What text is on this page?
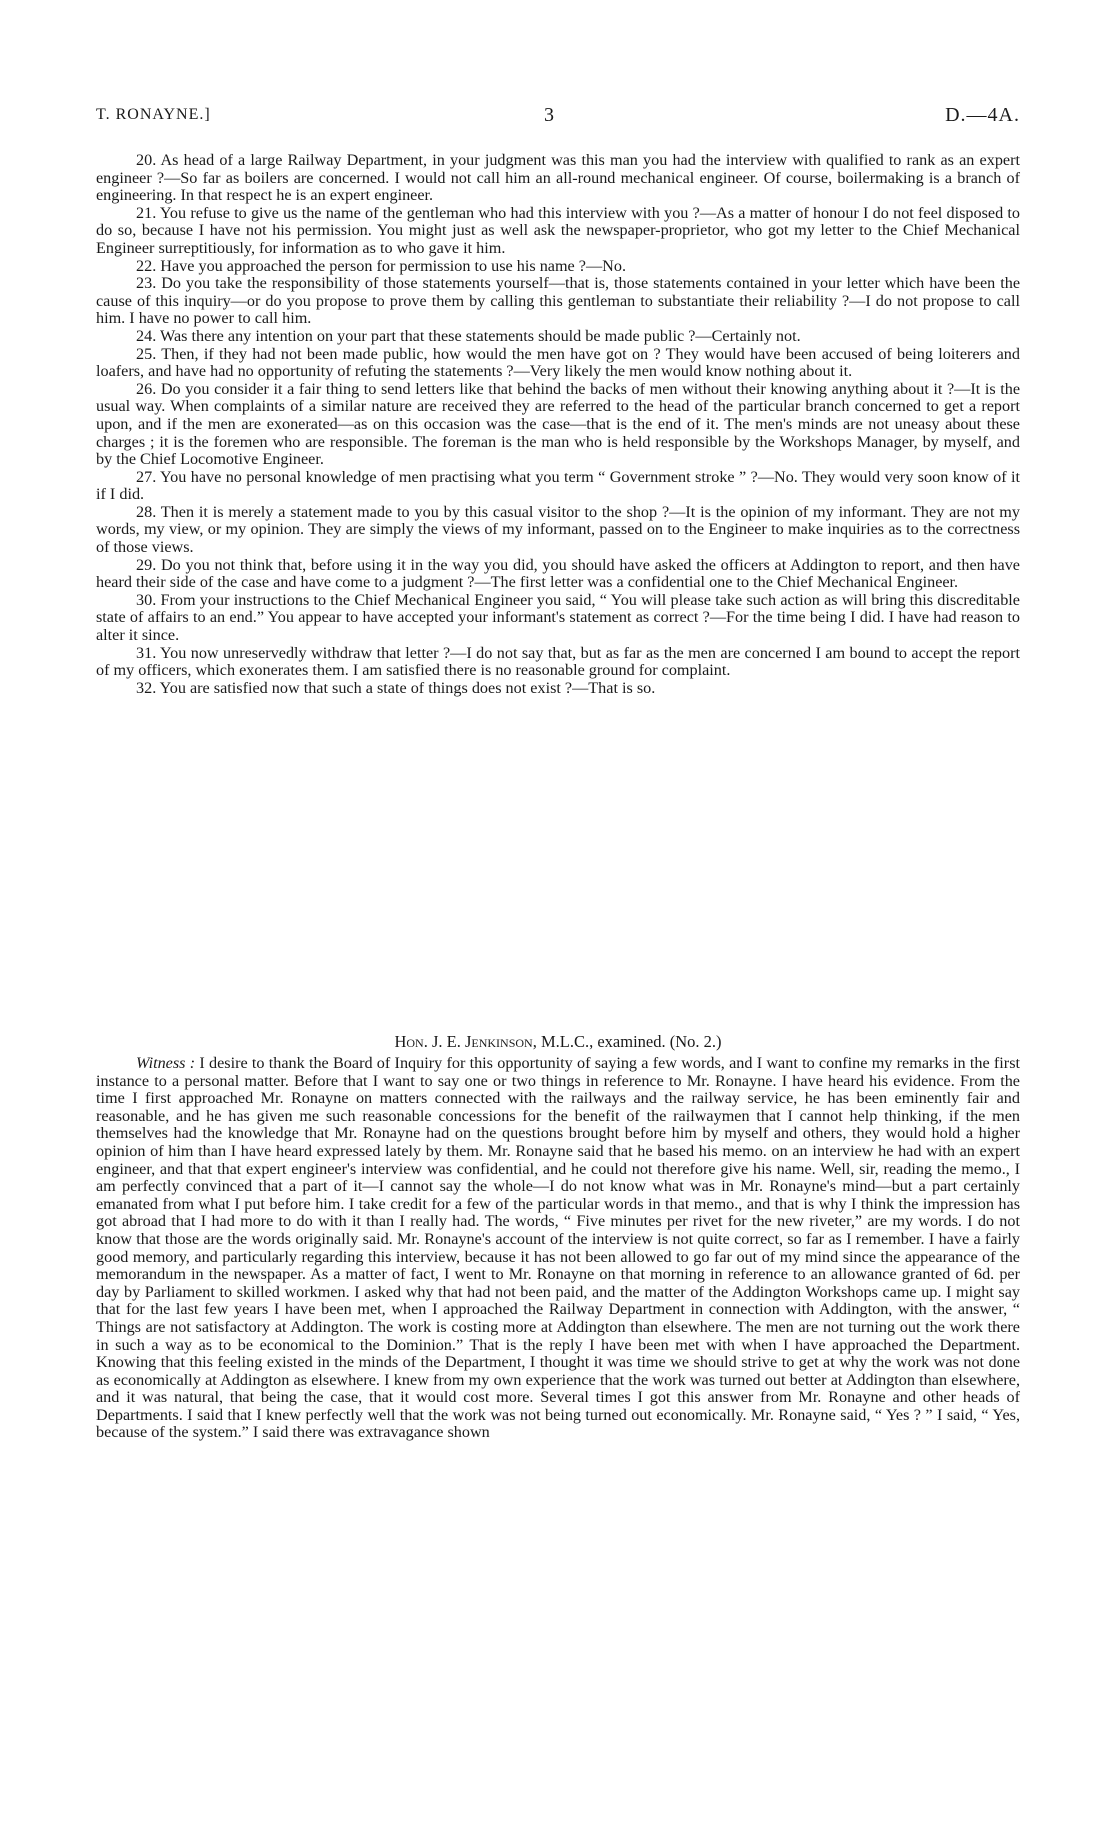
T. RONAYNE.]	3	D.—4A.

20. As head of a large Railway Department, in your judgment was this man you had the interview with qualified to rank as an expert engineer ?—So far as boilers are concerned. I would not call him an all-round mechanical engineer. Of course, boilermaking is a branch of engineering. In that respect he is an expert engineer.

21. You refuse to give us the name of the gentleman who had this interview with you ?—As a matter of honour I do not feel disposed to do so, because I have not his permission. You might just as well ask the newspaper-proprietor, who got my letter to the Chief Mechanical Engineer surreptitiously, for information as to who gave it him.

22. Have you approached the person for permission to use his name ?—No.

23. Do you take the responsibility of those statements yourself—that is, those statements contained in your letter which have been the cause of this inquiry—or do you propose to prove them by calling this gentleman to substantiate their reliability ?—I do not propose to call him. I have no power to call him.

24. Was there any intention on your part that these statements should be made public ?—Certainly not.

25. Then, if they had not been made public, how would the men have got on ? They would have been accused of being loiterers and loafers, and have had no opportunity of refuting the statements ?—Very likely the men would know nothing about it.

26. Do you consider it a fair thing to send letters like that behind the backs of men without their knowing anything about it ?—It is the usual way. When complaints of a similar nature are received they are referred to the head of the particular branch concerned to get a report upon, and if the men are exonerated—as on this occasion was the case—that is the end of it. The men's minds are not uneasy about these charges ; it is the foremen who are responsible. The foreman is the man who is held responsible by the Workshops Manager, by myself, and by the Chief Locomotive Engineer.

27. You have no personal knowledge of men practising what you term “ Government stroke ” ?—No. They would very soon know of it if I did.

28. Then it is merely a statement made to you by this casual visitor to the shop ?—It is the opinion of my informant. They are not my words, my view, or my opinion. They are simply the views of my informant, passed on to the Engineer to make inquiries as to the correctness of those views.

29. Do you not think that, before using it in the way you did, you should have asked the officers at Addington to report, and then have heard their side of the case and have come to a judgment ?—The first letter was a confidential one to the Chief Mechanical Engineer.

30. From your instructions to the Chief Mechanical Engineer you said, “ You will please take such action as will bring this discreditable state of affairs to an end.” You appear to have accepted your informant's statement as correct ?—For the time being I did. I have had reason to alter it since.

31. You now unreservedly withdraw that letter ?—I do not say that, but as far as the men are concerned I am bound to accept the report of my officers, which exonerates them. I am satisfied there is no reasonable ground for complaint.

32. You are satisfied now that such a state of things does not exist ?—That is so.

Hon. J. E. Jenkinson, M.L.C., examined. (No. 2.)

Witness : I desire to thank the Board of Inquiry for this opportunity of saying a few words, and I want to confine my remarks in the first instance to a personal matter. Before that I want to say one or two things in reference to Mr. Ronayne. I have heard his evidence. From the time I first approached Mr. Ronayne on matters connected with the railways and the railway service, he has been eminently fair and reasonable, and he has given me such reasonable concessions for the benefit of the railwaymen that I cannot help thinking, if the men themselves had the knowledge that Mr. Ronayne had on the questions brought before him by myself and others, they would hold a higher opinion of him than I have heard expressed lately by them. Mr. Ronayne said that he based his memo. on an interview he had with an expert engineer, and that that expert engineer's interview was confidential, and he could not therefore give his name. Well, sir, reading the memo., I am perfectly convinced that a part of it—I cannot say the whole—I do not know what was in Mr. Ronayne's mind—but a part certainly emanated from what I put before him. I take credit for a few of the particular words in that memo., and that is why I think the impression has got abroad that I had more to do with it than I really had. The words, “ Five minutes per rivet for the new riveter,” are my words. I do not know that those are the words originally said. Mr. Ronayne's account of the interview is not quite correct, so far as I remember. I have a fairly good memory, and particularly regarding this interview, because it has not been allowed to go far out of my mind since the appearance of the memorandum in the newspaper. As a matter of fact, I went to Mr. Ronayne on that morning in reference to an allowance granted of 6d. per day by Parliament to skilled workmen. I asked why that had not been paid, and the matter of the Addington Workshops came up. I might say that for the last few years I have been met, when I approached the Railway Department in connection with Addington, with the answer, “ Things are not satisfactory at Addington. The work is costing more at Addington than elsewhere. The men are not turning out the work there in such a way as to be economical to the Dominion.” That is the reply I have been met with when I have approached the Department. Knowing that this feeling existed in the minds of the Department, I thought it was time we should strive to get at why the work was not done as economically at Addington as elsewhere. I knew from my own experience that the work was turned out better at Addington than elsewhere, and it was natural, that being the case, that it would cost more. Several times I got this answer from Mr. Ronayne and other heads of Departments. I said that I knew perfectly well that the work was not being turned out economically. Mr. Ronayne said, “ Yes ? ” I said, “ Yes, because of the system.” I said there was extravagance shown
